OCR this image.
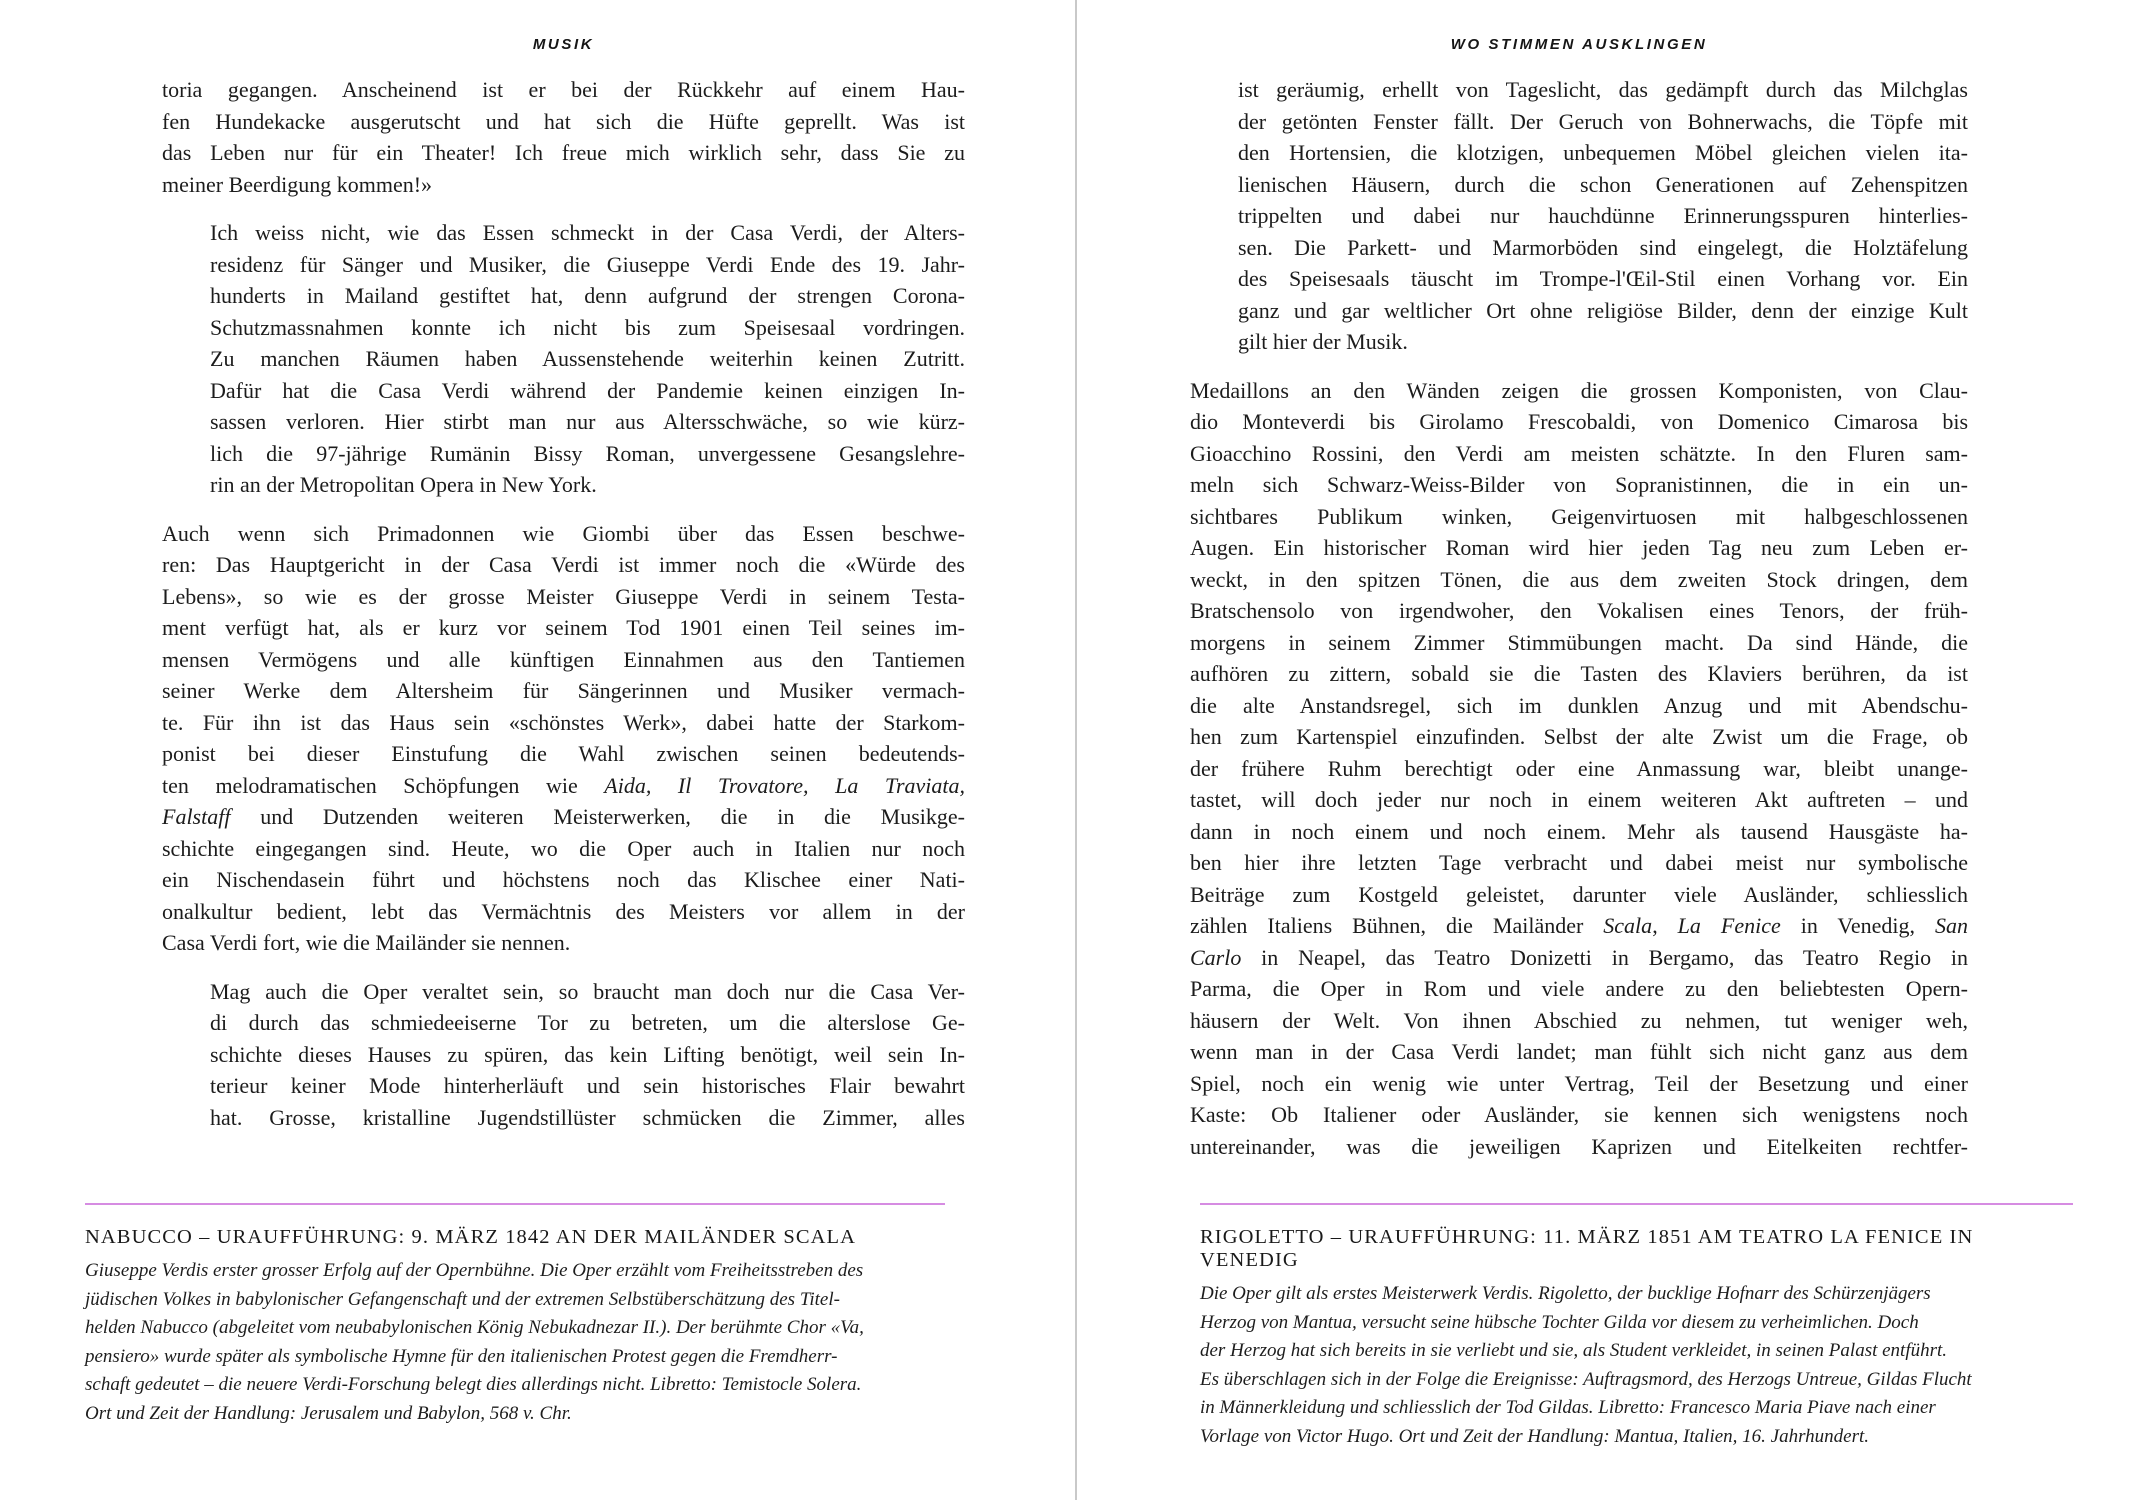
MUSIK
toria gegangen. Anscheinend ist er bei der Rückkehr auf einem Hau-
fen Hundekacke ausgerutscht und hat sich die Hüfte geprellt. Was ist
das Leben nur für ein Theater! Ich freue mich wirklich sehr, dass Sie zu
meiner Beerdigung kommen!»
Ich weiss nicht, wie das Essen schmeckt in der Casa Verdi, der Alters-
residenz für Sänger und Musiker, die Giuseppe Verdi Ende des 19. Jahr-
hunderts in Mailand gestiftet hat, denn aufgrund der strengen Corona-
Schutzmassnahmen konnte ich nicht bis zum Speisesaal vordringen.
Zu manchen Räumen haben Aussenstehende weiterhin keinen Zutritt.
Dafür hat die Casa Verdi während der Pandemie keinen einzigen In-
sassen verloren. Hier stirbt man nur aus Altersschwäche, so wie kürz-
lich die 97-jährige Rumänin Bissy Roman, unvergessene Gesangslehre-
rin an der Metropolitan Opera in New York.
Auch wenn sich Primadonnen wie Giombi über das Essen beschwe-
ren: Das Hauptgericht in der Casa Verdi ist immer noch die «Würde des
Lebens», so wie es der grosse Meister Giuseppe Verdi in seinem Testa-
ment verfügt hat, als er kurz vor seinem Tod 1901 einen Teil seines im-
mensen Vermögens und alle künftigen Einnahmen aus den Tantiemen
seiner Werke dem Altersheim für Sängerinnen und Musiker vermach-
te. Für ihn ist das Haus sein «schönstes Werk», dabei hatte der Starkom-
ponist bei dieser Einstufung die Wahl zwischen seinen bedeutends-
ten melodramatischen Schöpfungen wie Aida, Il Trovatore, La Traviata,
Falstaff und Dutzenden weiteren Meisterwerken, die in die Musikge-
schichte eingegangen sind. Heute, wo die Oper auch in Italien nur noch
ein Nischendasein führt und höchstens noch das Klischee einer Nati-
onalkultur bedient, lebt das Vermächtnis des Meisters vor allem in der
Casa Verdi fort, wie die Mailänder sie nennen.
Mag auch die Oper veraltet sein, so braucht man doch nur die Casa Ver-
di durch das schmiedeeiserne Tor zu betreten, um die alterslose Ge-
schichte dieses Hauses zu spüren, das kein Lifting benötigt, weil sein In-
terieur keiner Mode hinterherläuft und sein historisches Flair bewahrt
hat. Grosse, kristalline Jugendstillüster schmücken die Zimmer, alles
NABUCCO – URAUFFÜHRUNG: 9. MÄRZ 1842 AN DER MAILÄNDER SCALA
Giuseppe Verdis erster grosser Erfolg auf der Opernbühne. Die Oper erzählt vom Freiheitsstreben des
jüdischen Volkes in babylonischer Gefangenschaft und der extremen Selbstüberschätzung des Titel-
helden Nabucco (abgeleitet vom neubabylonischen König Nebukadnezar II.). Der berühmte Chor «Va,
pensiero» wurde später als symbolische Hymne für den italienischen Protest gegen die Fremdherr-
schaft gedeutet – die neuere Verdi-Forschung belegt dies allerdings nicht. Libretto: Temistocle Solera.
Ort und Zeit der Handlung: Jerusalem und Babylon, 568 v. Chr.
WO STIMMEN AUSKLINGEN
ist geräumig, erhellt von Tageslicht, das gedämpft durch das Milchglas
der getönten Fenster fällt. Der Geruch von Bohnerwachs, die Töpfe mit
den Hortensien, die klotzigen, unbequemen Möbel gleichen vielen ita-
lienischen Häusern, durch die schon Generationen auf Zehenspitzen
trippelten und dabei nur hauchdünne Erinnerungsspuren hinterlies-
sen. Die Parkett- und Marmorböden sind eingelegt, die Holztäfelung
des Speisesaals täuscht im Trompe-l'Œil-Stil einen Vorhang vor. Ein
ganz und gar weltlicher Ort ohne religiöse Bilder, denn der einzige Kult
gilt hier der Musik.
Medaillons an den Wänden zeigen die grossen Komponisten, von Clau-
dio Monteverdi bis Girolamo Frescobaldi, von Domenico Cimarosa bis
Gioacchino Rossini, den Verdi am meisten schätzte. In den Fluren sam-
meln sich Schwarz-Weiss-Bilder von Sopranistinnen, die in ein un-
sichtbares Publikum winken, Geigenvirtuosen mit halbgeschlossenen
Augen. Ein historischer Roman wird hier jeden Tag neu zum Leben er-
weckt, in den spitzen Tönen, die aus dem zweiten Stock dringen, dem
Bratschensolo von irgendwoher, den Vokalisen eines Tenors, der früh-
morgens in seinem Zimmer Stimmübungen macht. Da sind Hände, die
aufhören zu zittern, sobald sie die Tasten des Klaviers berühren, da ist
die alte Anstandsregel, sich im dunklen Anzug und mit Abendschu-
hen zum Kartenspiel einzufinden. Selbst der alte Zwist um die Frage, ob
der frühere Ruhm berechtigt oder eine Anmassung war, bleibt unange-
tastet, will doch jeder nur noch in einem weiteren Akt auftreten – und
dann in noch einem und noch einem. Mehr als tausend Hausgäste ha-
ben hier ihre letzten Tage verbracht und dabei meist nur symbolische
Beiträge zum Kostgeld geleistet, darunter viele Ausländer, schliesslich
zählen Italiens Bühnen, die Mailänder Scala, La Fenice in Venedig, San
Carlo in Neapel, das Teatro Donizetti in Bergamo, das Teatro Regio in
Parma, die Oper in Rom und viele andere zu den beliebtesten Opern-
häusern der Welt. Von ihnen Abschied zu nehmen, tut weniger weh,
wenn man in der Casa Verdi landet; man fühlt sich nicht ganz aus dem
Spiel, noch ein wenig wie unter Vertrag, Teil der Besetzung und einer
Kaste: Ob Italiener oder Ausländer, sie kennen sich wenigstens noch
untereinander, was die jeweiligen Kaprizen und Eitelkeiten rechtfer-
RIGOLETTO – URAUFFÜHRUNG: 11. MÄRZ 1851 AM TEATRO LA FENICE IN VENEDIG
Die Oper gilt als erstes Meisterwerk Verdis. Rigoletto, der bucklige Hofnarr des Schürzenjägers
Herzog von Mantua, versucht seine hübsche Tochter Gilda vor diesem zu verheimlichen. Doch
der Herzog hat sich bereits in sie verliebt und sie, als Student verkleidet, in seinen Palast entführt.
Es überschlagen sich in der Folge die Ereignisse: Auftragsmord, des Herzogs Untreue, Gildas Flucht
in Männerkleidung und schliesslich der Tod Gildas. Libretto: Francesco Maria Piave nach einer
Vorlage von Victor Hugo. Ort und Zeit der Handlung: Mantua, Italien, 16. Jahrhundert.
